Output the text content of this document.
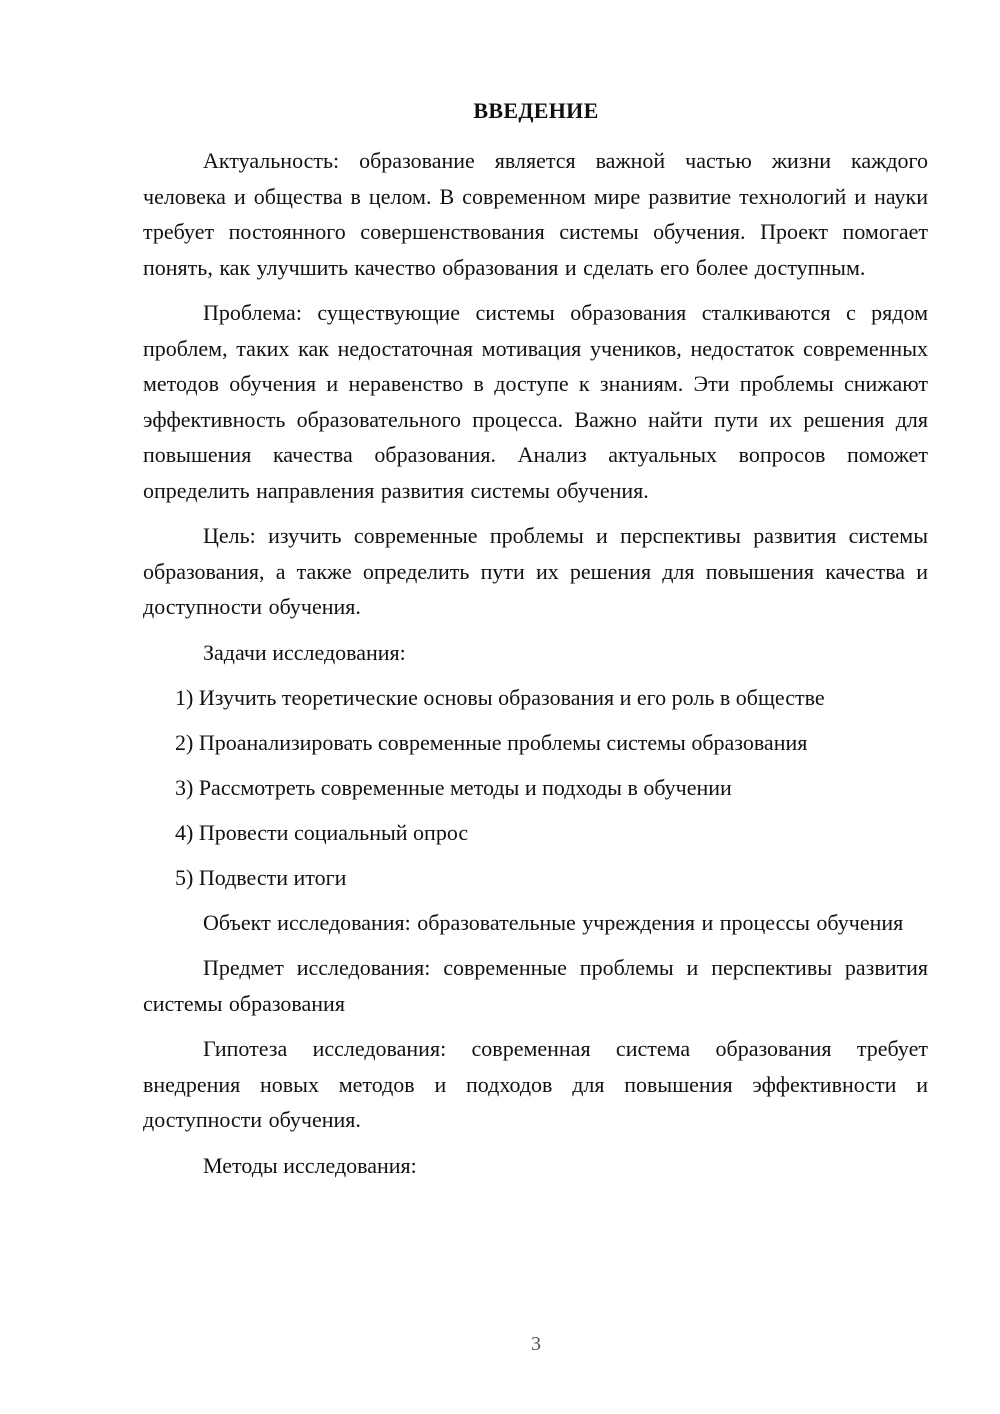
ВВЕДЕНИЕ

Актуальность: образование является важной частью жизни каждого человека и общества в целом. В современном мире развитие технологий и науки требует постоянного совершенствования системы обучения. Проект помогает понять, как улучшить качество образования и сделать его более доступным.

Проблема: существующие системы образования сталкиваются с рядом проблем, таких как недостаточная мотивация учеников, недостаток современных методов обучения и неравенство в доступе к знаниям. Эти проблемы снижают эффективность образовательного процесса. Важно найти пути их решения для повышения качества образования. Анализ актуальных вопросов поможет определить направления развития системы обучения.

Цель: изучить современные проблемы и перспективы развития системы образования, а также определить пути их решения для повышения качества и доступности обучения.

Задачи исследования:

1) Изучить теоретические основы образования и его роль в обществе
2) Проанализировать современные проблемы системы образования
3) Рассмотреть современные методы и подходы в обучении
4) Провести социальный опрос
5) Подвести итоги

Объект исследования: образовательные учреждения и процессы обучения

Предмет исследования: современные проблемы и перспективы развития системы образования

Гипотеза исследования: современная система образования требует внедрения новых методов и подходов для повышения эффективности и доступности обучения.

Методы исследования:

3
